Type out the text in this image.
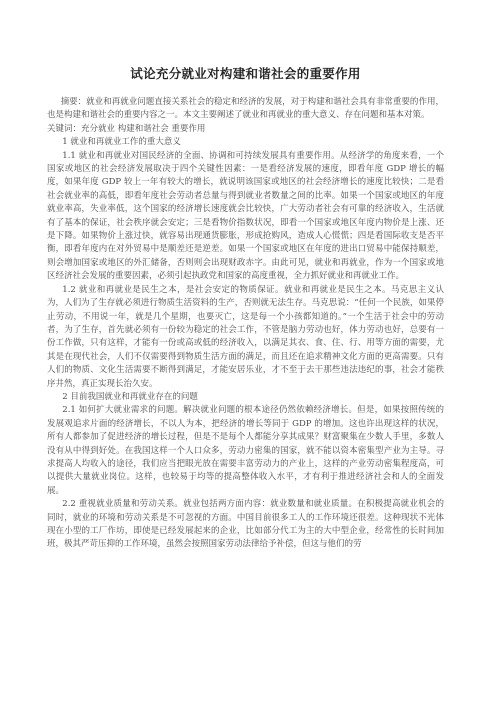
试论充分就业对构建和谐社会的重要作用

摘要：就业和再就业问题直接关系社会的稳定和经济的发展，对于构建和谐社会具有非常重要的作用，也是构建和谐社会的重要内容之一。本文主要阐述了就业和再就业的重大意义、存在问题和基本对策。

关键词：充分就业 构建和谐社会 重要作用

1 就业和再就业工作的重大意义

1.1 就业和再就业对国民经济的全面、协调和可持续发展具有重要作用。从经济学的角度来看，一个国家或地区的社会经济发展取决于四个关键性因素：一是看经济发展的速度，即看年度 GDP 增长的幅度，如果年度 GDP 较上一年有较大的增长，就说明该国家或地区的社会经济增长的速度比较快；二是看社会就业率的高低，即看年度社会劳动者总量与得到就业者数量之间的比率。如果一个国家或地区的年度就业率高，失业率低，这个国家的经济增长速度就会比较快，广大劳动者社会有可靠的经济收入，生活就有了基本的保证，社会秩序就会安定；三是看物价指数状况，即看一个国家或地区年度内物价是上涨、还是下降。如果物价上涨过快，就容易出现通货膨胀，形成抢购风，造成人心慌慌；四是看国际收支是否平衡，即看年度内在对外贸易中是顺差还是逆差。如果一个国家或地区在年度的进出口贸易中能保持顺差，则会增加国家或地区的外汇储备，否则则会出现财政赤字。由此可见，就业和再就业，作为一个国家或地区经济社会发展的重要因素，必须引起执政党和国家的高度重视，全力抓好就业和再就业工作。

1.2 就业和再就业是民生之本，是社会安定的物质保证。就业和再就业是民生之本。马克思主义认为，人们为了生存就必须进行物质生活资料的生产，否则就无法生存。马克思说：“任何一个民族，如果停止劳动，不用说一年，就是几个星期，也要灭亡，这是每一个小孩都知道的。”一个生活于社会中的劳动者，为了生存，首先就必须有一份较为稳定的社会工作，不管是脑力劳动也好，体力劳动也好，总要有一份工作做，只有这样，才能有一份或高或低的经济收入，以满足其衣、食、住、行、用等方面的需要，尤其是在现代社会，人们不仅需要得到物质生活方面的满足，而且还在追求精神文化方面的更高需要。只有人们的物质、文化生活需要不断得到满足，才能安居乐业，才不至于去干那些违法违纪的事，社会才能秩序井然，真正实现长治久安。

2 目前我国就业和再就业存在的问题

2.1 如何扩大就业需求的问题。解决就业问题的根本途径仍然依赖经济增长。但是，如果按照传统的发展观追求片面的经济增长，不以人为本，把经济的增长等同于 GDP 的增加。这也许出现这样的状况，所有人都参加了促进经济的增长过程，但是不是每个人都能分享其成果？财富聚集在少数人手里，多数人没有从中得到好处。在我国这样一个人口众多，劳动力密集的国家，就不能以资本密集型产业为主导。寻求提高人均收入的途径，我们应当把眼光放在需要丰富劳动力的产业上，这样的产业劳动密集程度高，可以提供大量就业岗位。这样，也较易于均等的提高整体收入水平，才有利于推进经济社会和人的全面发展。

2.2 重视就业质量和劳动关系。就业包括两方面内容：就业数量和就业质量。在积极提高就业机会的同时，就业的环境和劳动关系是不可忽视的方面。中国目前很多工人的工作环境还很差。这种现状不光体现在小型的工厂作坊，即使是已经发展起来的企业，比如部分代工为主的大中型企业，经常性的长时间加班，极其严苛压抑的工作环境，虽然会按照国家劳动法律给予补偿，但这与他们的劳
